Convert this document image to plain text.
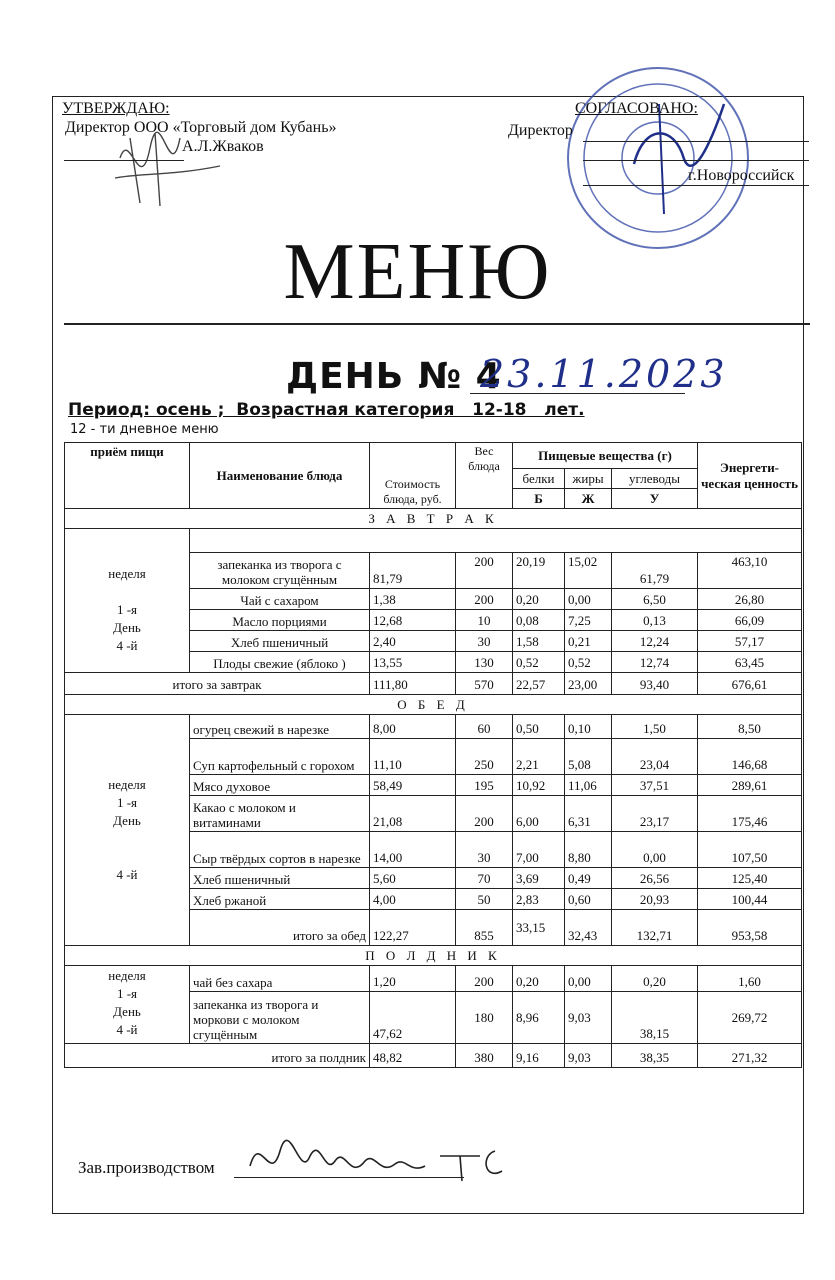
УТВЕРЖДАЮ:
Директор ООО «Торговый дом Кубань»
А.Л.Жваков
СОГЛАСОВАНО:
Директор
г.Новороссийск
МЕНЮ
ДЕНЬ № 4
23.11.2023
Период: осень ;  Возрастная категория   12-18   лет.
12 - ти дневное меню
приём пищи	Наименование блюда	Стоимость блюда, руб.	Вес блюда	Пищевые вещества (г)			Энергети-ческая ценность
				белки	жиры	углеводы	
				Б	Ж	У	
З А В Т Р А К							

неделя

1 -я
День
4 -й							
	запеканка из творога с молоком сгущённым	81,79	200	20,19	15,02	61,79	463,10
	Чай с сахаром	1,38	200	0,20	0,00	6,50	26,80
	Масло порциями	12,68	10	0,08	7,25	0,13	66,09
	Хлеб пшеничный	2,40	30	1,58	0,21	12,24	57,17
	Плоды свежие (яблоко )	13,55	130	0,52	0,52	12,74	63,45
итого за завтрак		111,80	570	22,57	23,00	93,40	676,61
О Б Е Д							
неделя
1 -я
День

4 -й	огурец свежий в нарезке	8,00	60	0,50	0,10	1,50	8,50
	Суп картофельный с горохом	11,10	250	2,21	5,08	23,04	146,68
	Мясо духовое	58,49	195	10,92	11,06	37,51	289,61
	Какао с молоком и витаминами	21,08	200	6,00	6,31	23,17	175,46
	Сыр твёрдых сортов в нарезке	14,00	30	7,00	8,80	0,00	107,50
	Хлеб пшеничный	5,60	70	3,69	0,49	26,56	125,40
	Хлеб ржаной	4,00	50	2,83	0,60	20,93	100,44
	итого за обед	122,27	855	33,15	32,43	132,71	953,58
П О Л Д Н И К							
неделя
1 -я
День
4 -й	чай без сахара	1,20	200	0,20	0,00	0,20	1,60
	запеканка из творога и моркови с молоком сгущённым	47,62	180	8,96	9,03	38,15	269,72
итого за полдник		48,82	380	9,16	9,03	38,35	271,32
Зав.производством
